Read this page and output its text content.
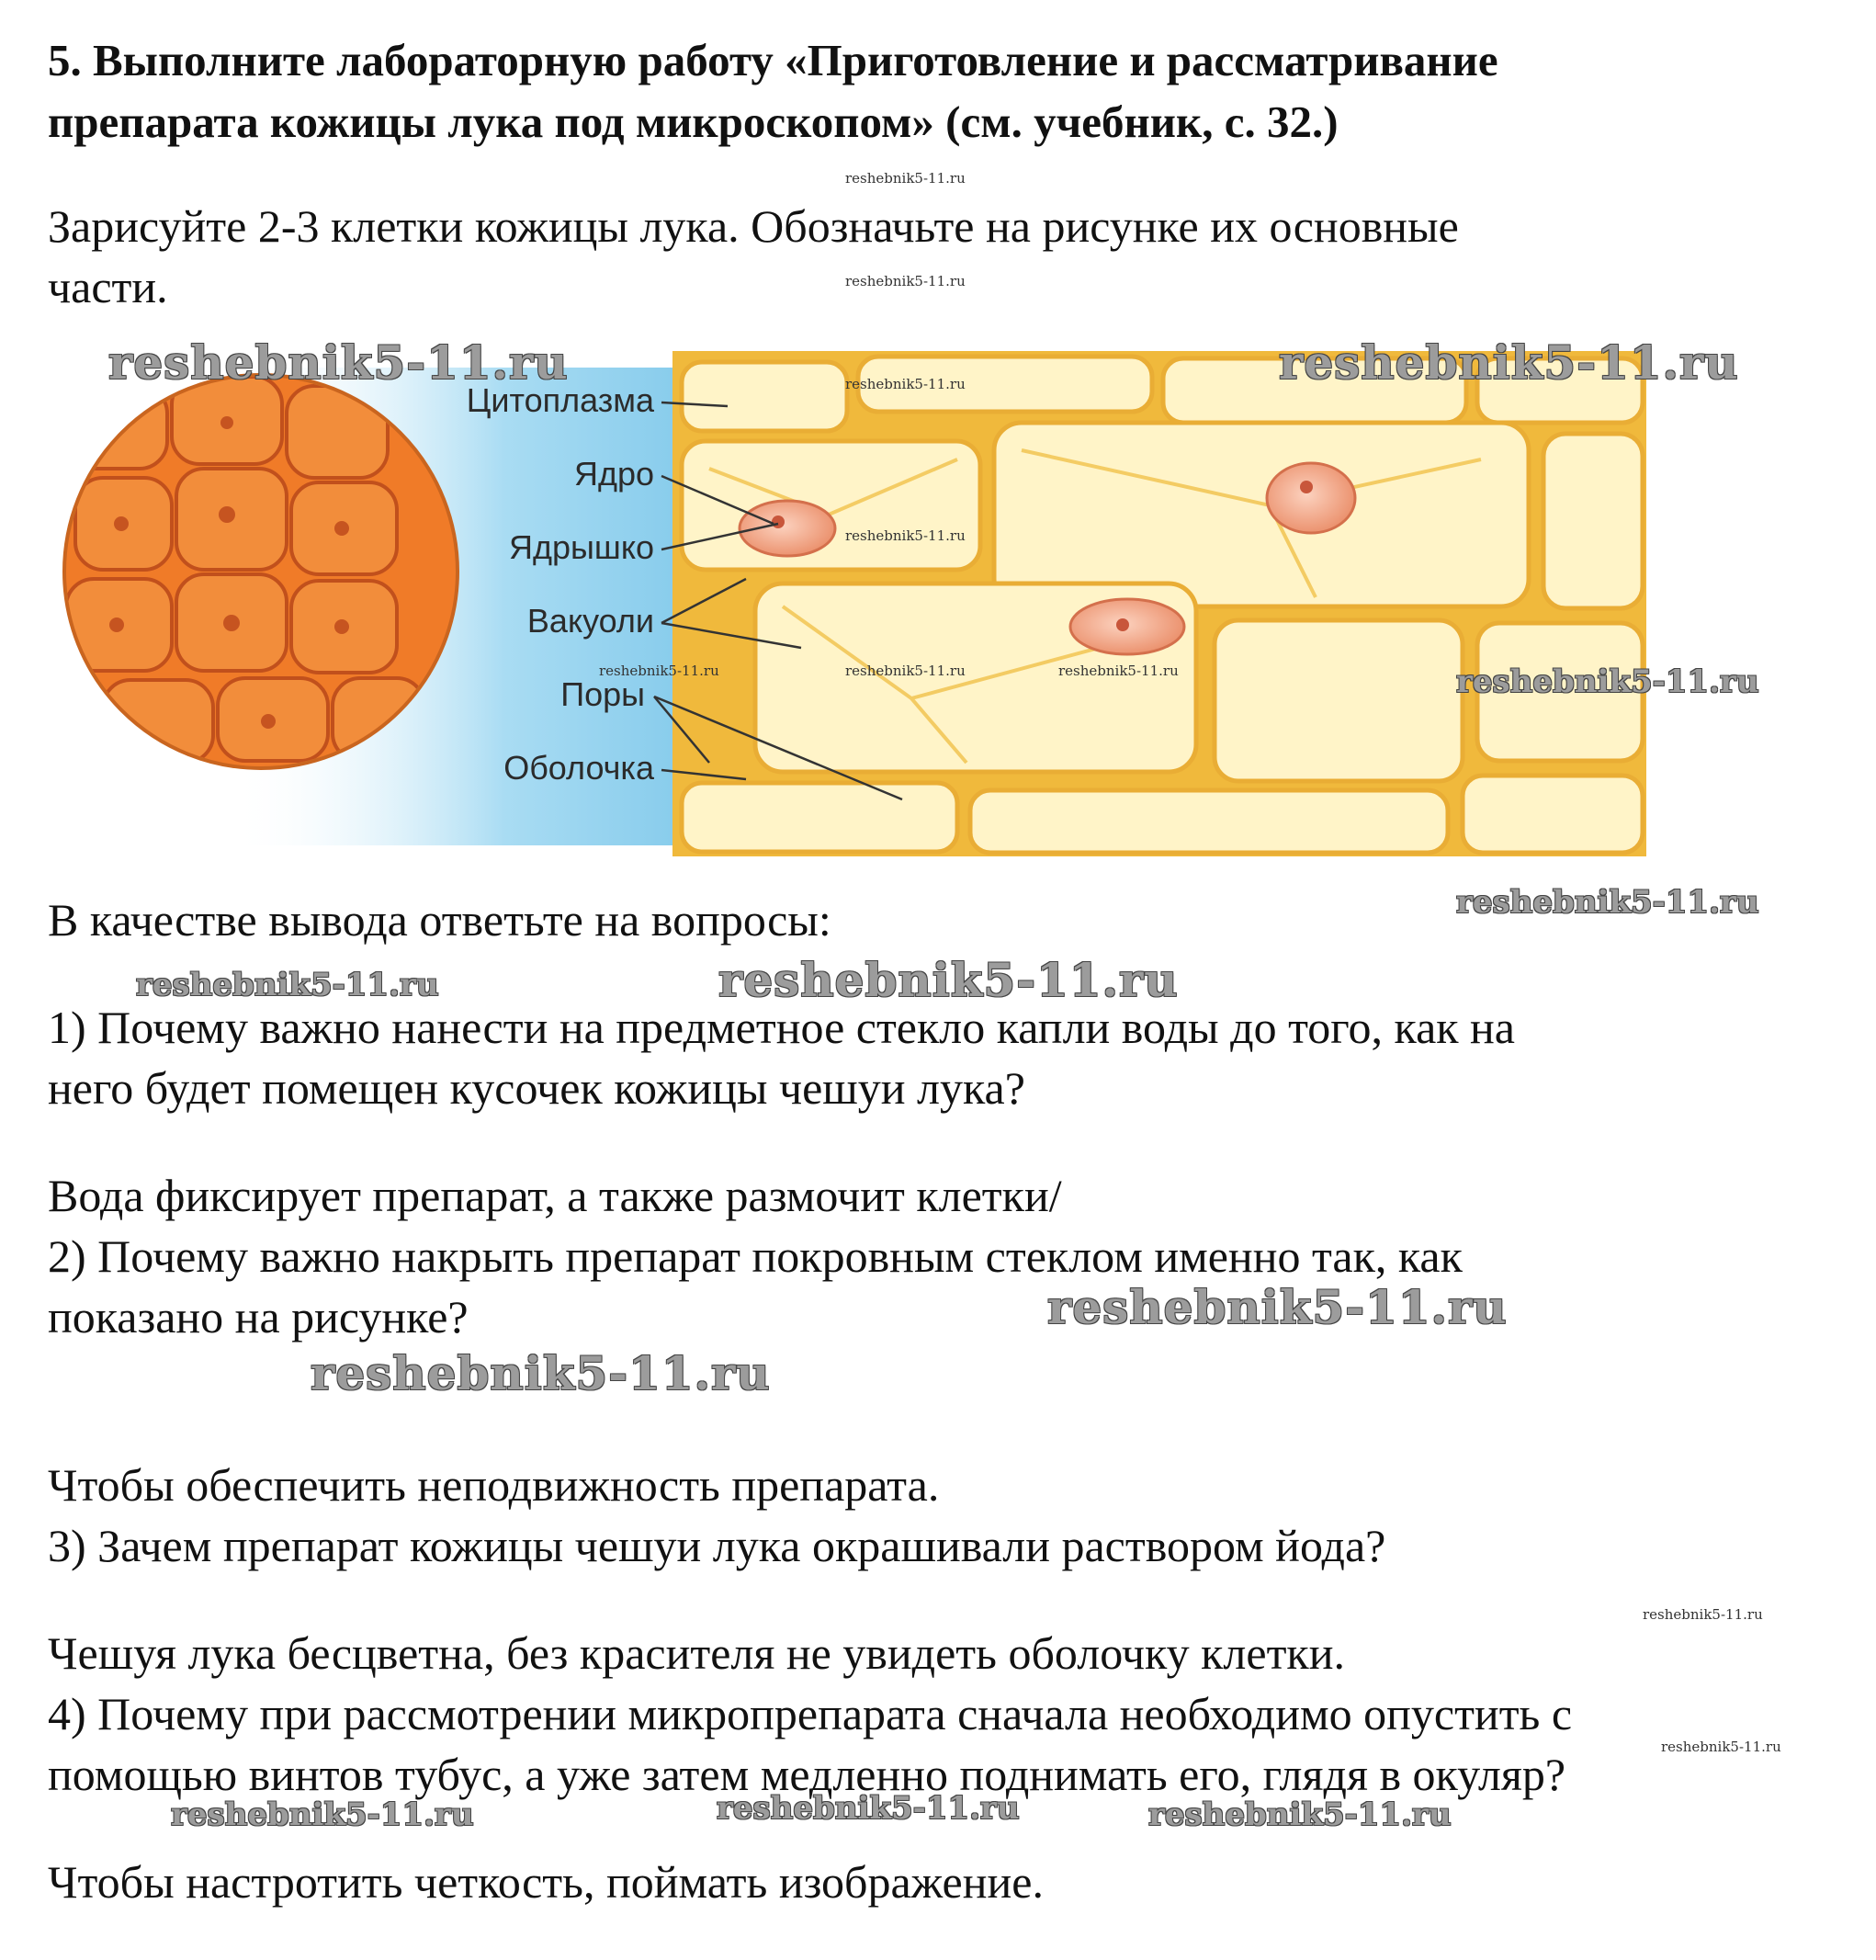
5. Выполните лабораторную работу «Приготовление и рассматривание
препарата кожицы лука под микроскопом» (см. учебник, с. 32.)
Зарисуйте 2-3 клетки кожицы лука. Обозначьте на рисунке их основные
части.
Цитоплазма
Ядро
Ядрышко
Вакуоли
Поры
Оболочка
В качестве вывода ответьте на вопросы:
1) Почему важно нанести на предметное стекло капли воды до того, как на
него будет помещен кусочек кожицы чешуи лука?
Вода фиксирует препарат, а также размочит клетки/
2) Почему важно накрыть препарат покровным стеклом именно так, как
показано на рисунке?
Чтобы обеспечить неподвижность препарата.
3) Зачем препарат кожицы чешуи лука окрашивали раствором йода?
Чешуя лука бесцветна, без красителя не увидеть оболочку клетки.
4) Почему при рассмотрении микропрепарата сначала необходимо опустить с
помощью винтов тубус, а уже затем медленно поднимать его, глядя в окуляр?
Чтобы настротить четкость, поймать изображение.
reshebnik5-11.ru
reshebnik5-11.ru
reshebnik5-11.ru	reshebnik5-11.ru
reshebnik5-11.ru
reshebnik5-11.ru
reshebnik5-11.ru	reshebnik5-11.ru	reshebnik5-11.ru	reshebnik5-11.ru
reshebnik5-11.ru
reshebnik5-11.ru	reshebnik5-11.ru
reshebnik5-11.ru
reshebnik5-11.ru
reshebnik5-11.ru
reshebnik5-11.ru
reshebnik5-11.ru	reshebnik5-11.ru	reshebnik5-11.ru
